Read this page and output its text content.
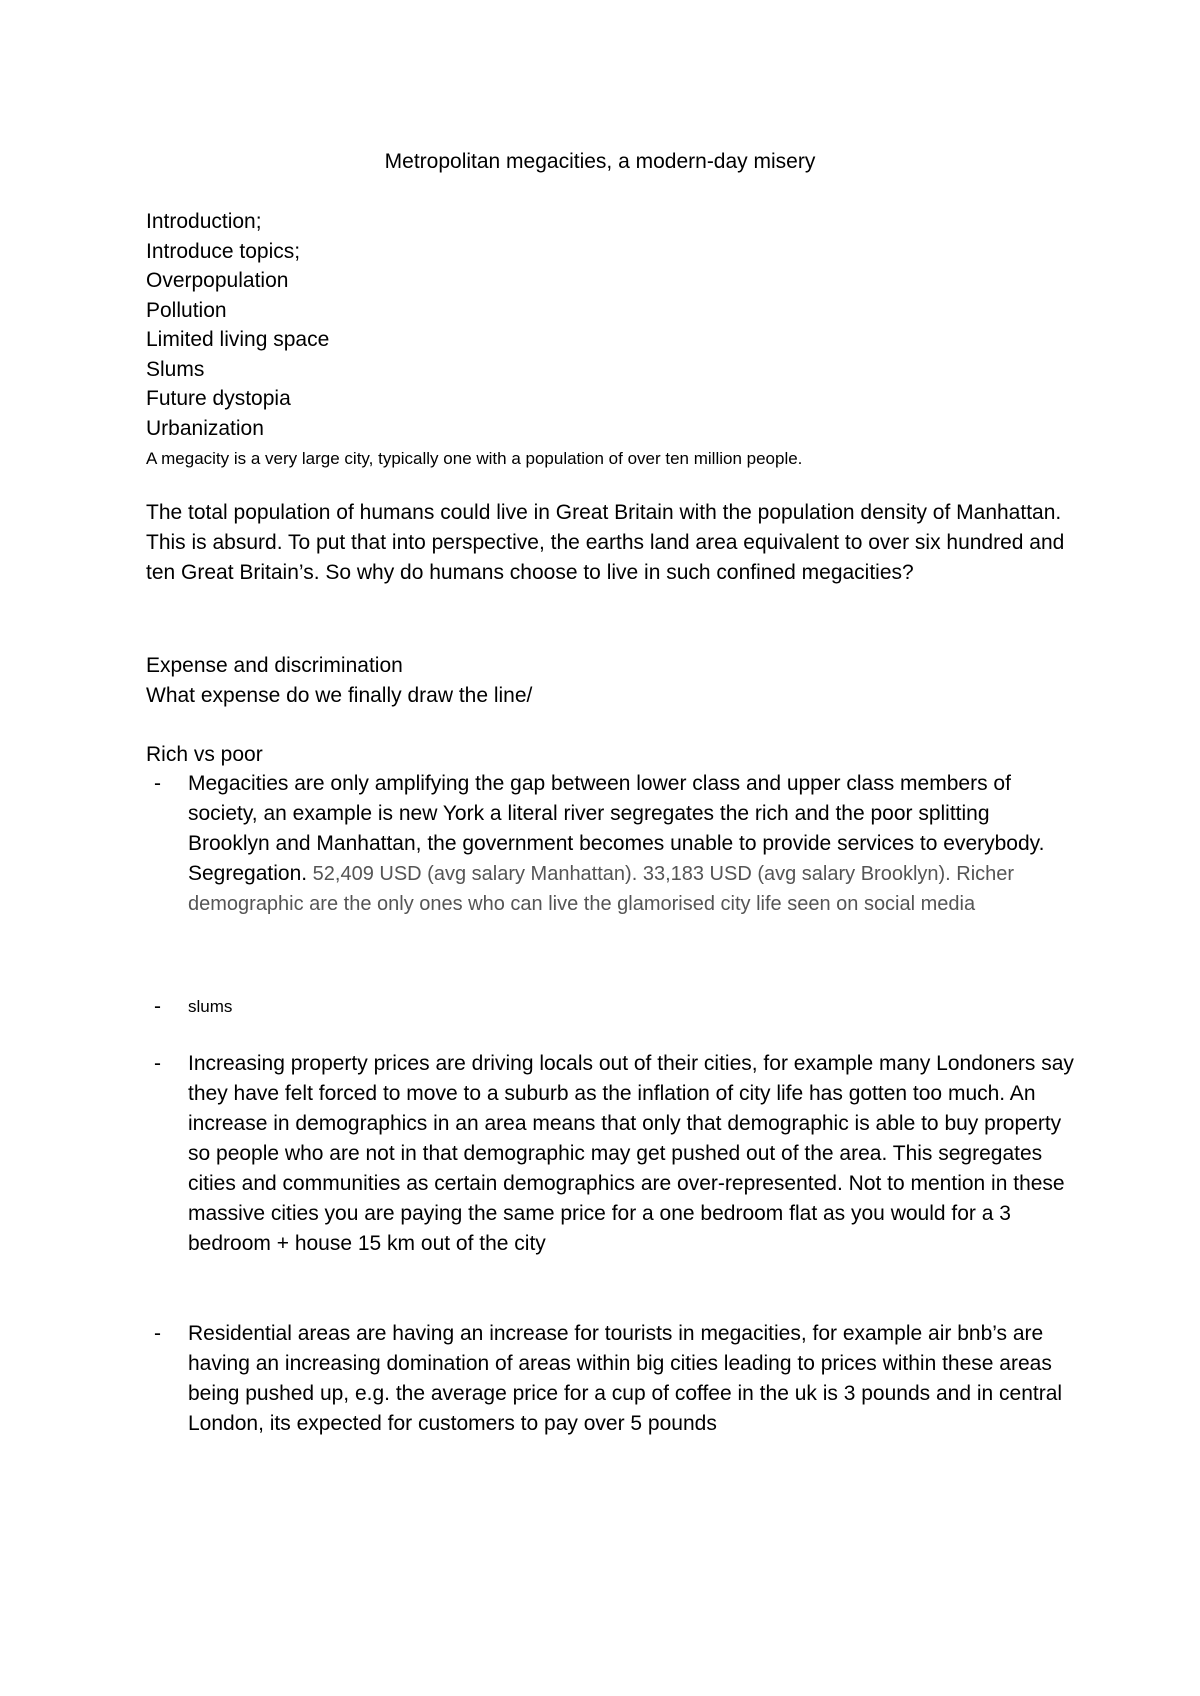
Metropolitan megacities, a modern-day misery
Introduction;
Introduce topics;
Overpopulation
Pollution
Limited living space
Slums
Future dystopia
Urbanization
A megacity is a very large city, typically one with a population of over ten million people.
The total population of humans could live in Great Britain with the population density of Manhattan. This is absurd. To put that into perspective, the earths land area equivalent to over six hundred and ten Great Britain’s. So why do humans choose to live in such confined megacities?
Expense and discrimination
What expense do we finally draw the line/
Rich vs poor
- Megacities are only amplifying the gap between lower class and upper class members of society, an example is new York a literal river segregates the rich and the poor splitting Brooklyn and Manhattan, the government becomes unable to provide services to everybody. Segregation. 52,409 USD (avg salary Manhattan). 33,183 USD (avg salary Brooklyn). Richer demographic are the only ones who can live the glamorised city life seen on social media
- slums
- Increasing property prices are driving locals out of their cities, for example many Londoners say they have felt forced to move to a suburb as the inflation of city life has gotten too much. An increase in demographics in an area means that only that demographic is able to buy property so people who are not in that demographic may get pushed out of the area. This segregates cities and communities as certain demographics are over-represented. Not to mention in these massive cities you are paying the same price for a one bedroom flat as you would for a 3 bedroom + house 15 km out of the city
- Residential areas are having an increase for tourists in megacities, for example air bnb’s are having an increasing domination of areas within big cities leading to prices within these areas being pushed up, e.g. the average price for a cup of coffee in the uk is 3 pounds and in central London, its expected for customers to pay over 5 pounds
